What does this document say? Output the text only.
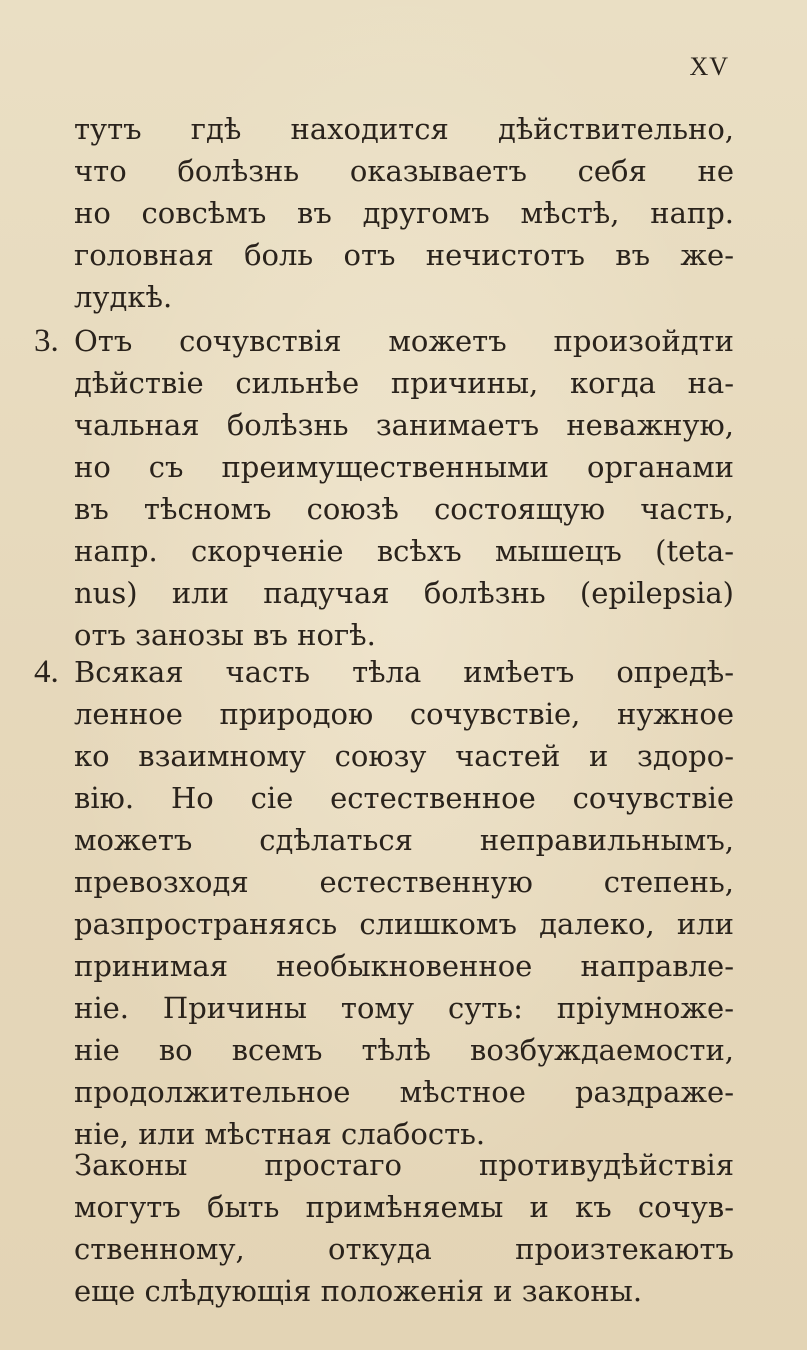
XV
тутъ гдѣ находится дѣйствительно,
что болѣзнь оказываетъ себя не
но совсѣмъ въ другомъ мѣстѣ, напр.
головная боль отъ нечистотъ въ же-
лудкѣ.
3. Отъ сочувствія можетъ произойдти
дѣйствіе сильнѣе причины, когда на-
чальная болѣзнь занимаетъ неважную,
но съ преимущественными органами
въ тѣсномъ союзѣ состоящую часть,
напр. скорченіе всѣхъ мышецъ (teta-
nus) или падучая болѣзнь (epilepsia)
отъ занозы въ ногѣ.
4. Всякая часть тѣла имѣетъ опредѣ-
ленное природою сочувствіе, нужное
ко взаимному союзу частей и здоро-
вію. Но сіе естественное сочувствіе
можетъ сдѣлаться неправильнымъ,
превозходя естественную степень,
разпространяясь слишкомъ далеко, или
принимая необыкновенное направле-
ніе. Причины тому суть: пріумноже-
ніе во всемъ тѣлѣ возбуждаемости,
продолжительное мѣстное раздраже-
ніе, или мѣстная слабость.
Законы простаго противудѣйствія
могутъ быть примѣняемы и къ сочув-
ственному, откуда произтекаютъ
еще слѣдующія положенія и законы.
